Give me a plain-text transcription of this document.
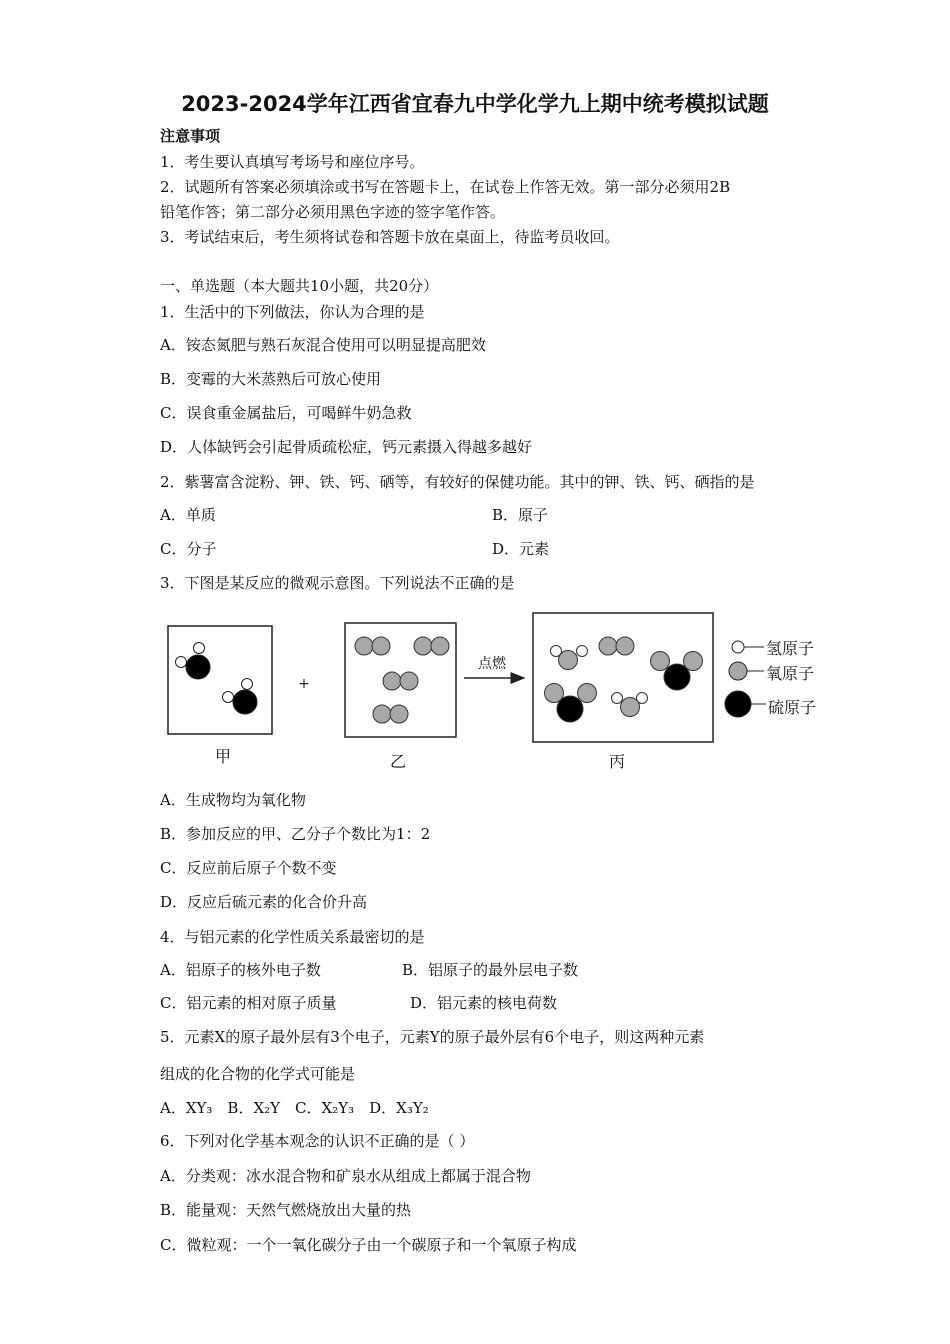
2023-2024学年江西省宜春九中学化学九上期中统考模拟试题
注意事项
1．考生要认真填写考场号和座位序号。
2．试题所有答案必须填涂或书写在答题卡上，在试卷上作答无效。第一部分必须用2B
铅笔作答；第二部分必须用黑色字迹的签字笔作答。
3．考试结束后，考生须将试卷和答题卡放在桌面上，待监考员收回。
一、单选题（本大题共10小题，共20分）
1．生活中的下列做法，你认为合理的是
A．铵态氮肥与熟石灰混合使用可以明显提高肥效
B．变霉的大米蒸熟后可放心使用
C．误食重金属盐后，可喝鲜牛奶急救
D．人体缺钙会引起骨质疏松症，钙元素摄入得越多越好
2．紫薯富含淀粉、钾、铁、钙、硒等，有较好的保健功能。其中的钾、铁、钙、硒指的是
A．单质	B．原子
C．分子	D．元素
3．下图是某反应的微观示意图。下列说法不正确的是
+
点燃
甲	乙	丙
氢原子
氧原子
硫原子
A．生成物均为氧化物
B．参加反应的甲、乙分子个数比为1：2
C．反应前后原子个数不变
D．反应后硫元素的化合价升高
4．与铝元素的化学性质关系最密切的是
A．铝原子的核外电子数	B．铝原子的最外层电子数
C．铝元素的相对原子质量	D．铝元素的核电荷数
5．元素X的原子最外层有3个电子，元素Y的原子最外层有6个电子，则这两种元素
组成的化合物的化学式可能是
A．XY₃　B．X₂Y　C．X₂Y₃　D．X₃Y₂
6．下列对化学基本观念的认识不正确的是（ ）
A．分类观：冰水混合物和矿泉水从组成上都属于混合物
B．能量观：天然气燃烧放出大量的热
C．微粒观：一个一氧化碳分子由一个碳原子和一个氧原子构成
